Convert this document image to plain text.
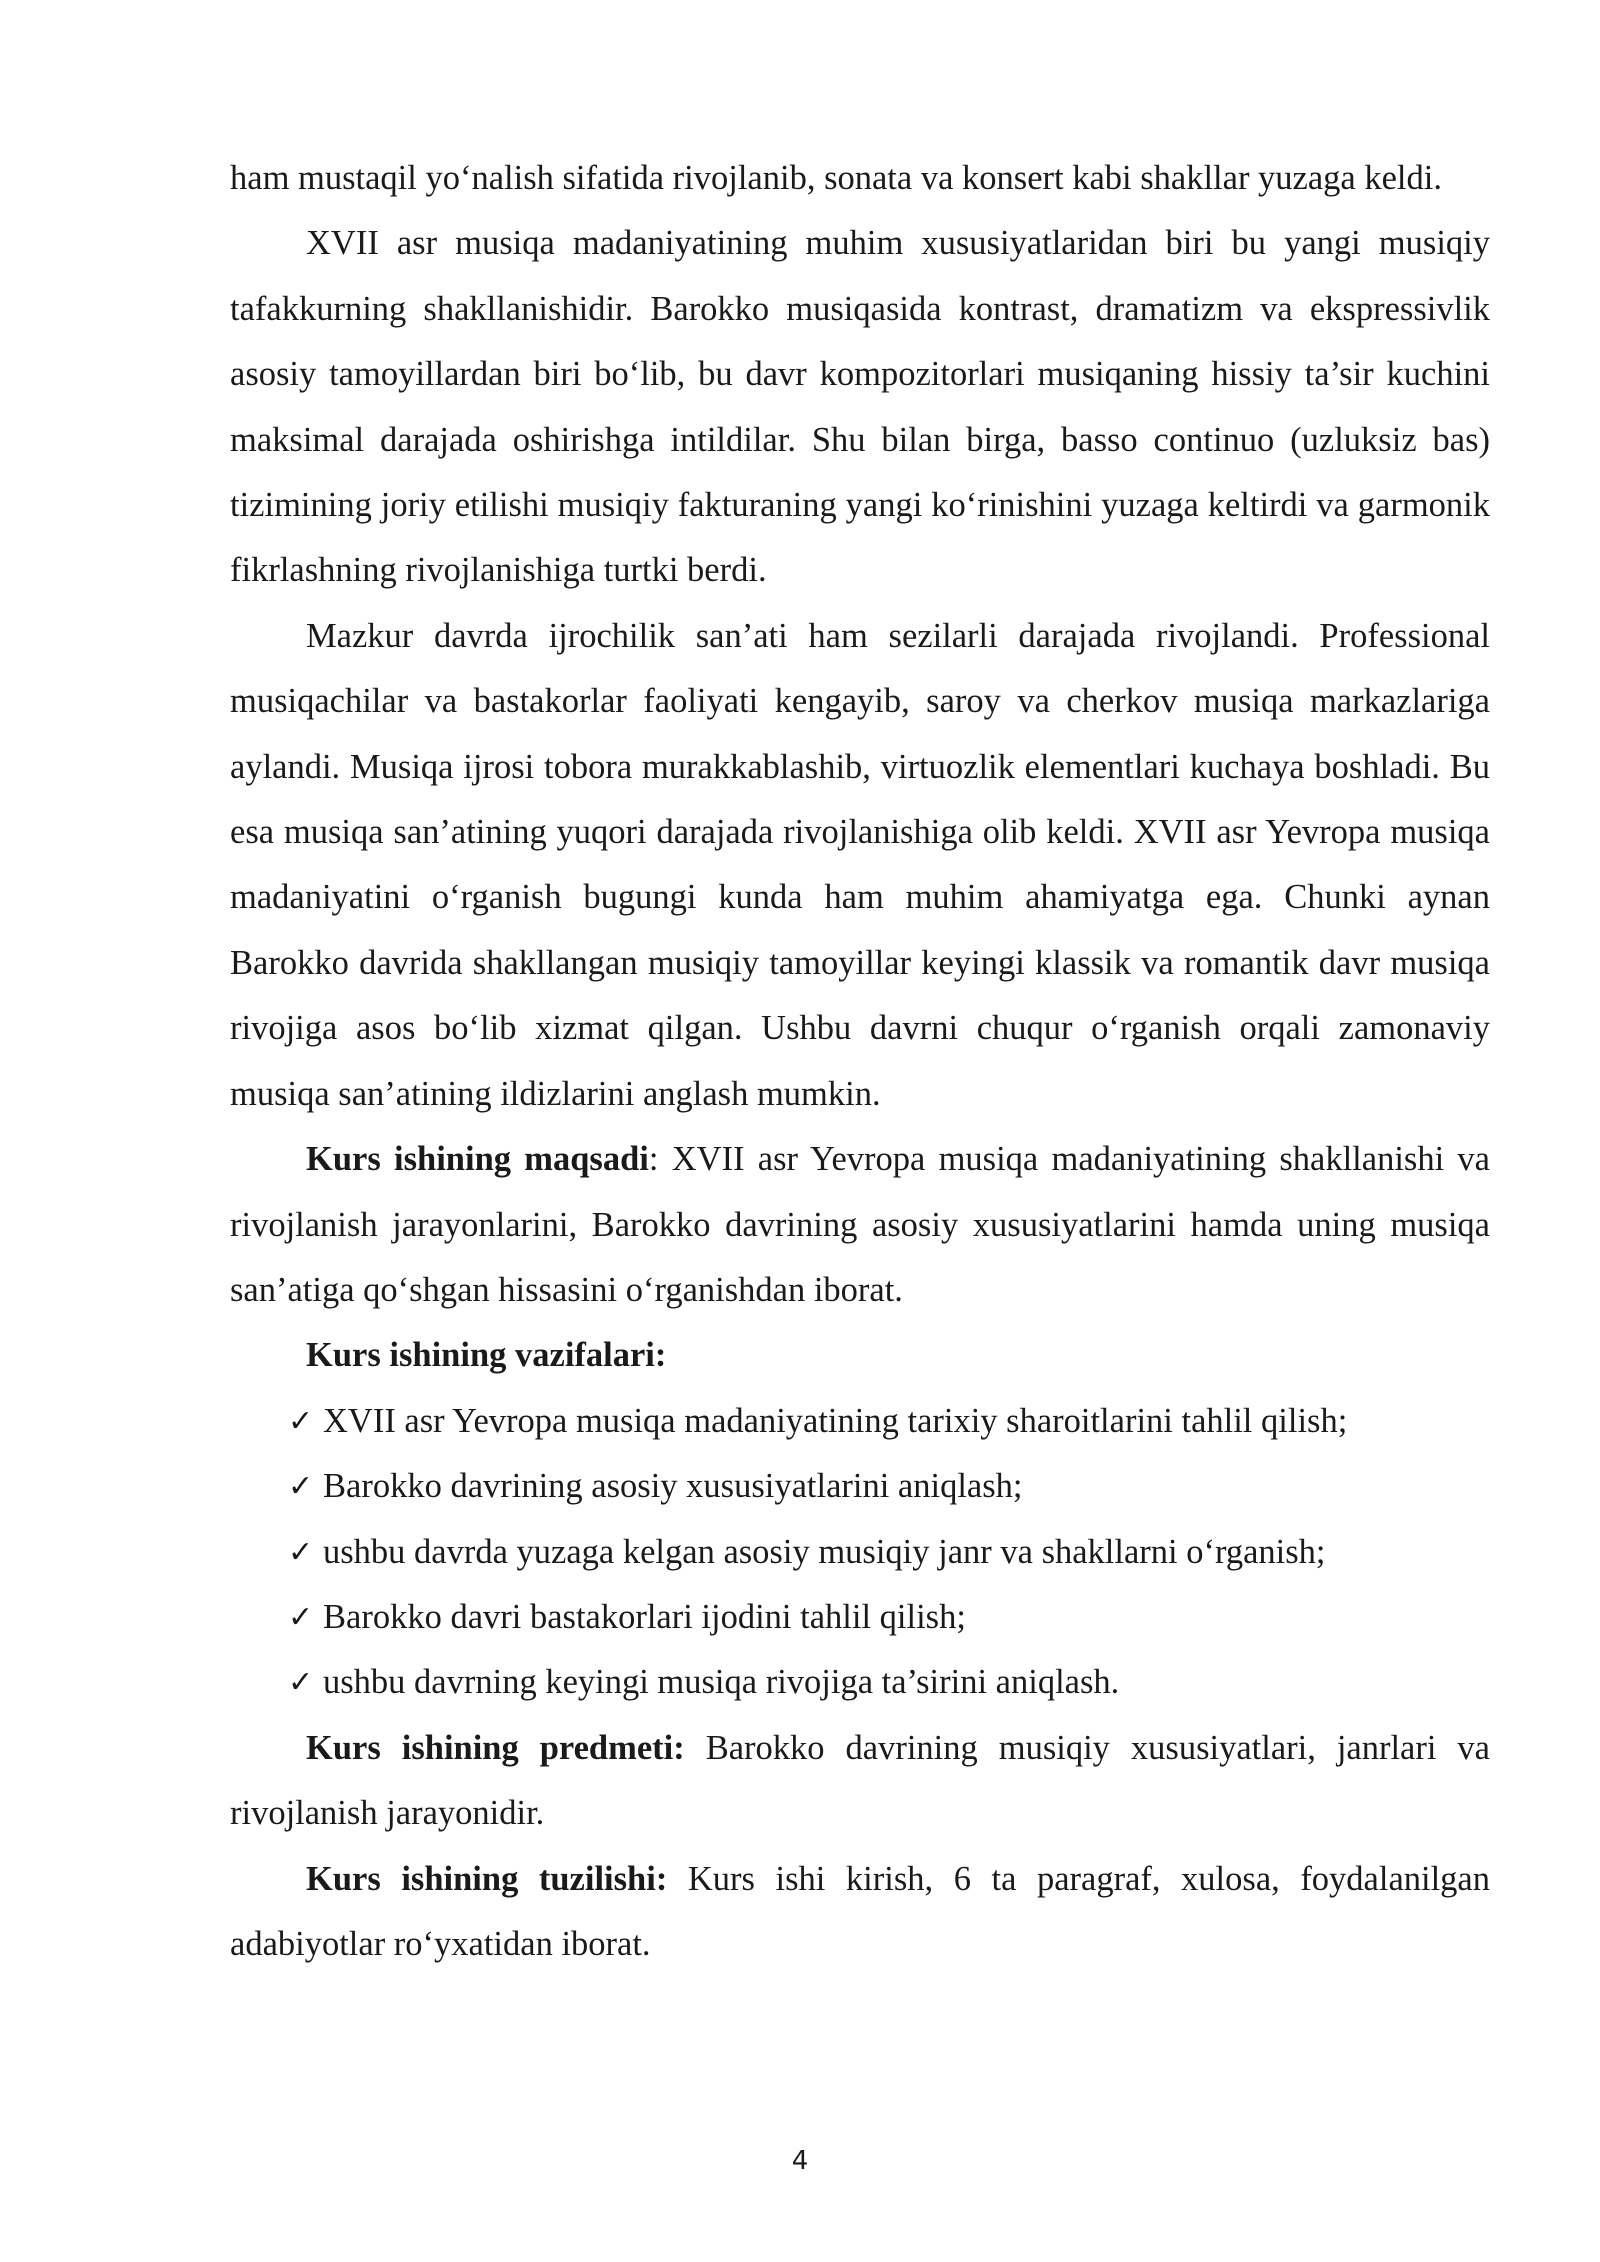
ham mustaqil yo‘nalish sifatida rivojlanib, sonata va konsert kabi shakllar yuzaga keldi.

XVII asr musiqa madaniyatining muhim xususiyatlaridan biri bu yangi musiqiy tafakkurning shakllanishidir. Barokko musiqasida kontrast, dramatizm va ekspressivlik asosiy tamoyillardan biri bo‘lib, bu davr kompozitorlari musiqaning hissiy ta’sir kuchini maksimal darajada oshirishga intildilar. Shu bilan birga, basso continuo (uzluksiz bas) tizimining joriy etilishi musiqiy fakturaning yangi ko‘rinishini yuzaga keltirdi va garmonik fikrlashning rivojlanishiga turtki berdi.

Mazkur davrda ijrochilik san’ati ham sezilarli darajada rivojlandi. Professional musiqachilar va bastakorlar faoliyati kengayib, saroy va cherkov musiqa markazlariga aylandi. Musiqa ijrosi tobora murakkablashib, virtuozlik elementlari kuchaya boshladi. Bu esa musiqa san’atining yuqori darajada rivojlanishiga olib keldi. XVII asr Yevropa musiqa madaniyatini o‘rganish bugungi kunda ham muhim ahamiyatga ega. Chunki aynan Barokko davrida shakllangan musiqiy tamoyillar keyingi klassik va romantik davr musiqa rivojiga asos bo‘lib xizmat qilgan. Ushbu davrni chuqur o‘rganish orqali zamonaviy musiqa san’atining ildizlarini anglash mumkin.

Kurs ishining maqsadi: XVII asr Yevropa musiqa madaniyatining shakllanishi va rivojlanish jarayonlarini, Barokko davrining asosiy xususiyatlarini hamda uning musiqa san’atiga qo‘shgan hissasini o‘rganishdan iborat.

Kurs ishining vazifalari:
✓ XVII asr Yevropa musiqa madaniyatining tarixiy sharoitlarini tahlil qilish;
✓ Barokko davrining asosiy xususiyatlarini aniqlash;
✓ ushbu davrda yuzaga kelgan asosiy musiqiy janr va shakllarni o‘rganish;
✓ Barokko davri bastakorlari ijodini tahlil qilish;
✓ ushbu davrning keyingi musiqa rivojiga ta’sirini aniqlash.

Kurs ishining predmeti: Barokko davrining musiqiy xususiyatlari, janrlari va rivojlanish jarayonidir.

Kurs ishining tuzilishi: Kurs ishi kirish, 6 ta paragraf, xulosa, foydalanilgan adabiyotlar ro‘yxatidan iborat.

4
